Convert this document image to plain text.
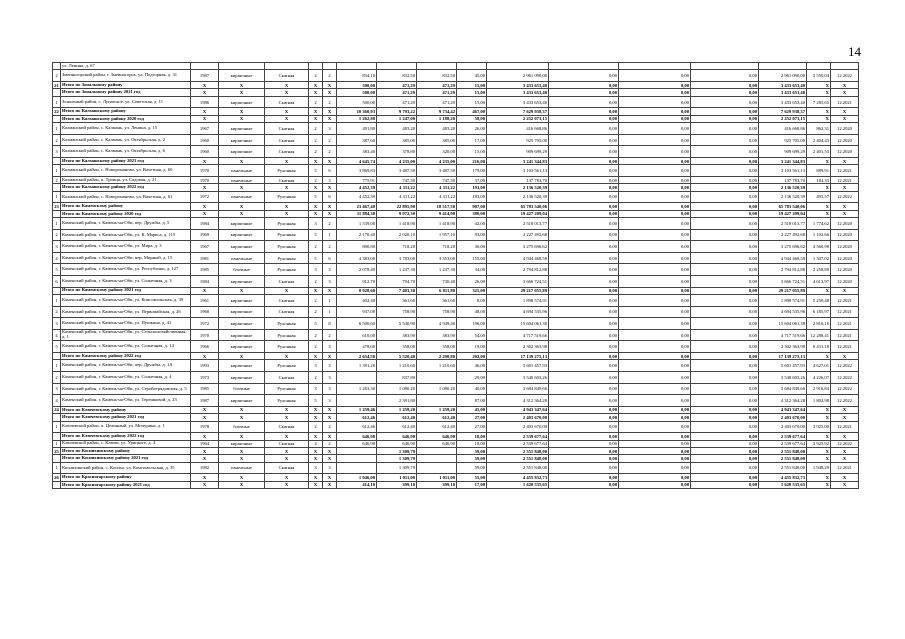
14
	ул. Ленина, д. 67																
2	Змеиногорский район, г. Змеиногорск, ул. Подгорная, д. 31	1987	кирпичные	Скатная	2	2	834,10	832,50	832,50	45,00	2 961 090,00	0,00	0,00	0,00	2 961 090,00	3 550,04	12.2022
21	Итого по Зональному району	X	X	X	X	X	500,00	471,29	471,29	15,00	3 433 653,40	0,00	0,00	0,00	3 433 653,40	X	X
	Итого по Зональному району 2021 год	X	X	X	X	X	500,00	471,29	471,29	15,00	3 433 653,40	0,00	0,00	0,00	3 433 653,40	X	X
1	Зональный район, с. Луговское, ул. Советская, д. 11	1986	кирпичные	Скатная	2	2	500,00	471,29	471,29	15,00	3 433 653,40	0,00	0,00	0,00	3 433 653,40	7 285,65	12.2021
22	Итого по Калманскому району	X	X	X	X	X	10 360,93	9 793,22	9 734,42	467,00	7 629 938,37	0,00	0,00	0,00	7 629 938,37	X	X
	Итого по Калманскому району 2020 год	X	X	X	X	X	1 262,80	1 247,00	1 188,20	58,00	2 252 073,15	0,00	0,00	0,00	2 252 073,15	X	X
1	Калманский район, с. Калмань, ул. Ленина, д. 15	1967	кирпичные	Скатная	2	3	491,80	483,20	483,20	26,00	416 668,86	0,00	0,00	0,00	416 668,86	862,31	12.2020
2	Калманский район, с. Калмань, ул. Октябрьская, д. 2	1960	кирпичные	Скатная	2	2	387,60	385,00	385,00	17,00	925 705,00	0,00	0,00	0,00	925 705,00	2 404,43	12.2020
3	Калманский район, с. Калмань, ул. Октябрьская, д. 6	1960	кирпичные	Скатная	2	2	383,40	378,80	320,00	15,00	909 699,29	0,00	0,00	0,00	909 699,29	2 401,53	12.2020
	Итого по Калманскому району 2021 год	X	X	X	X	X	4 645,74	4 235,00	4 235,00	216,00	3 241 344,83	0,00	0,00	0,00	3 241 344,83	X	X
1	Калманский район, с. Новоромановo, ул. Вахетная, д. 60	1970	панельные	Рулонная	5	6	3 869,83	3 487,50	3 487,50	179,00	3 103 561,13	0,00	0,00	0,00	3 103 561,13	889,91	12.2021
2	Калманский район, п. Троицк, ул. Садовая, д. 21	1970	панельные	Скатная	2	3	775,91	747,50	747,50	37,00	137 783,70	0,00	0,00	0,00	137 783,70	184,33	12.2021
	Итого по Калманскому району 2022 год	X	X	X	X	X	4 452,39	4 311,22	4 311,22	193,00	2 136 520,39	0,00	0,00	0,00	2 136 520,39	X	X
1	Калманский район, с. Новоромановo, ул. Вахетная, д. 61	1972	панельные	Рулонная	5	6	4 452,39	4 311,22	4 311,22	193,00	2 136 520,39	0,00	0,00	0,00	2 136 520,39	495,57	12.2022
23	Итого по Каменскому району	X	X	X	X	X	23 467,40	22 895,90	18 517,50	907,00	65 783 540,06	0,00	0,00	0,00	65 783 540,06	X	X
	Итого по Каменскому району 2020 год	X	X	X	X	X	11 884,30	9 972,30	9 414,90	380,00	19 427 209,04	0,00	0,00	0,00	19 427 209,04	X	X
1	Каменский район, г. Камень-на-Оби, пер. Дружбы, д. 5	1984	кирпичные	Рулонная	3	2	1 539,00	1 418,90	1 418,90	42,00	2 518 013,77	0,00	0,00	0,00	2 518 013,77	1 774,62	12.2020
2	Каменский район, г. Камень-на-Оби, ул. К. Маркса, д. 115	1969	кирпичные	Рулонная	5	1	2 170,40	2 020,10	1 957,10	93,00	2 227 492,68	0,00	0,00	0,00	2 227 492,68	1 102,66	12.2020
3	Каменский район, г. Камень-на-Оби, ул. Мира, д. 3	1967	кирпичные	Рулонная	2	2	800,80	718,20	718,20	30,00	3 275 696,62	0,00	0,00	0,00	3 275 696,62	4 560,98	12.2020
4	Каменский район, г. Камень-на-Оби, пер. Мирный, д. 15	1981	панельные	Рулонная	5	6	4 383,00	3 783,00	3 353,00	155,00	4 944 468,58	0,00	0,00	0,00	4 944 468,58	1 307,02	12.2020
5	Каменский район, г. Камень-на-Оби, ул. Республики, д. 127	1985	блочные	Рулонная	3	3	2 078,40	1 237,30	1 237,30	34,00	2 794 812,88	0,00	0,00	0,00	2 794 812,88	2 258,80	12.2020
6	Каменский район, г. Камень-на-Оби, ул. Солнечная, д. 3	1984	кирпичные	Скатная	2	3	912,70	794,70	730,40	26,00	3 666 724,51	0,00	0,00	0,00	3 666 724,51	4 613,97	12.2020
	Итого по Каменскому району 2021 год	X	X	X	X	X	8 928,60	7 403,30	6 811,80	325,00	29 217 055,89	0,00	0,00	0,00	29 217 055,89	X	X
1	Каменский район, г. Камень-на-Оби, ул. Комсомольская, д. 39	1961	кирпичные	Скатная	2	1	402,40	361,60	361,60	8,00	1 898 574,91	0,00	0,00	0,00	1 898 574,91	5 250,48	12.2021
2	Каменский район, г. Камень-на-Оби, ул. Первомайская, д. 26	1968	кирпичные	Скатная	2	1	937,00	758,90	758,90	48,00	4 694 535,96	0,00	0,00	0,00	4 694 535,96	6 185,97	12.2021
3	Каменский район, г. Камень-на-Оби, ул. Пушкина, д. 41	1972	кирпичные	Рулонная	5	8	6 500,60	5 540,90	4 949,40	196,00	15 604 061,38	0,00	0,00	0,00	15 604 061,38	2 816,16	12.2021
4	Каменский район, г. Камень-на-Оби, ул. Сельскохозяйственная, д. 1	1970	кирпичные	Рулонная	2	2	610,00	383,90	383,90	54,00	4 717 519,66	0,00	0,00	0,00	4 717 519,66	12 288,41	12.2021
5	Каменский район, г. Камень-на-Оби, ул. Солнечная, д. 14	1966	кирпичные	Рулонная	2	3	478,60	358,00	358,00	19,00	2 302 363,98	0,00	0,00	0,00	2 302 363,98	6 431,18	12.2021
	Итого по Каменскому району 2022 год	X	X	X	X	X	2 654,50	5 520,40	2 290,80	202,00	17 139 275,13	0,00	0,00	0,00	17 139 275,13	X	X
1	Каменский район, г. Камень-на-Оби, пер. Дружбы, д. 1А	1993	кирпичные	Рулонная	3	3	1 391,20	1 210,60	1 210,60	46,00	5 601 457,93	0,00	0,00	0,00	5 601 457,93	4 627,01	12.2022
2	Каменский район, г. Камень-на-Оби, ул. Солнечная, д. 4	1973	кирпичные	Скатная	2	3		837,80		29,00	3 540 603,26	0,00	0,00	0,00	3 540 603,26	4 226,07	12.2022
3	Каменский район, г. Камень-на-Оби, ул. Стройотрядовская, д. 5	1985	блочные	Рулонная	3	3	1 263,30	1 080,20	1 080,20	40,00	3 684 849,66	0,00	0,00	0,00	3 684 849,66	2 916,84	12.2022
4	Каменский район, г. Камень-на-Оби, ул. Терешковой, д. 23	1987	кирпичные	Рулонная	5	3		2 391,80		87,00	4 312 364,28	0,00	0,00	0,00	4 312 364,28	1 802,98	12.2022
24	Итого по Ключевскому району	X	X	X	X	X	1 259,46	1 259,20	1 259,20	45,00	4 943 347,64	0,00	0,00	0,00	4 943 347,64	X	X
	Итого по Ключевскому району 2021 год	X	X	X	X	X	612,46	612,40	612,40	27,00	2 403 670,00	0,00	0,00	0,00	2 403 670,00	X	X
1	Ключевской район, п. Целинный, ул. Мичурина, д. 1	1978	блочные	Скатная	2	2	612,46	612,40	612,40	27,00	2 403 670,00	0,00	0,00	0,00	2 403 670,00	3 925,00	12.2021
	Итого по Ключевскому району 2022 год	X	X	X	X	X	646,98	646,90	646,90	18,00	2 539 677,64	0,00	0,00	0,00	2 539 677,64	X	X
1	Ключевской район, с. Ключи, ул. Урицкого, д. 4	1964	кирпичные	Скатная	2	2	646,98	646,90	646,90	18,00	2 539 677,64	0,00	0,00	0,00	2 539 677,64	3 925,92	12.2022
25	Итого по Коснихинскому району	X	X	X	X	X		1 309,79		59,00	2 551 848,00	0,00	0,00	0,00	2 551 848,00	X	X
	Итого по Коснихинскому району 2021 год	X	X	X	X	X		1 309,79		59,00	2 551 848,00	0,00	0,00	0,00	2 551 848,00	X	X
1	Коснихинский район, с. Косиха, ул. Комсомольская, д. 35	1982	панельные	Скатная	3	3		1 309,79		59,00	2 551 848,00	0,00	0,00	0,00	2 551 848,00	1 948,29	12.2021
26	Итого по Красногорскому району	X	X	X	X	X	1 046,00	1 011,00	1 011,00	55,00	4 455 832,73	0,00	0,00	0,00	4 455 832,73	X	X
	Итого по Красногорскому району 2021 год	X	X	X	X	X	414,10	399,10	399,10	17,00	1 620 535,65	0,00	0,00	0,00	1 620 535,65	X	X
